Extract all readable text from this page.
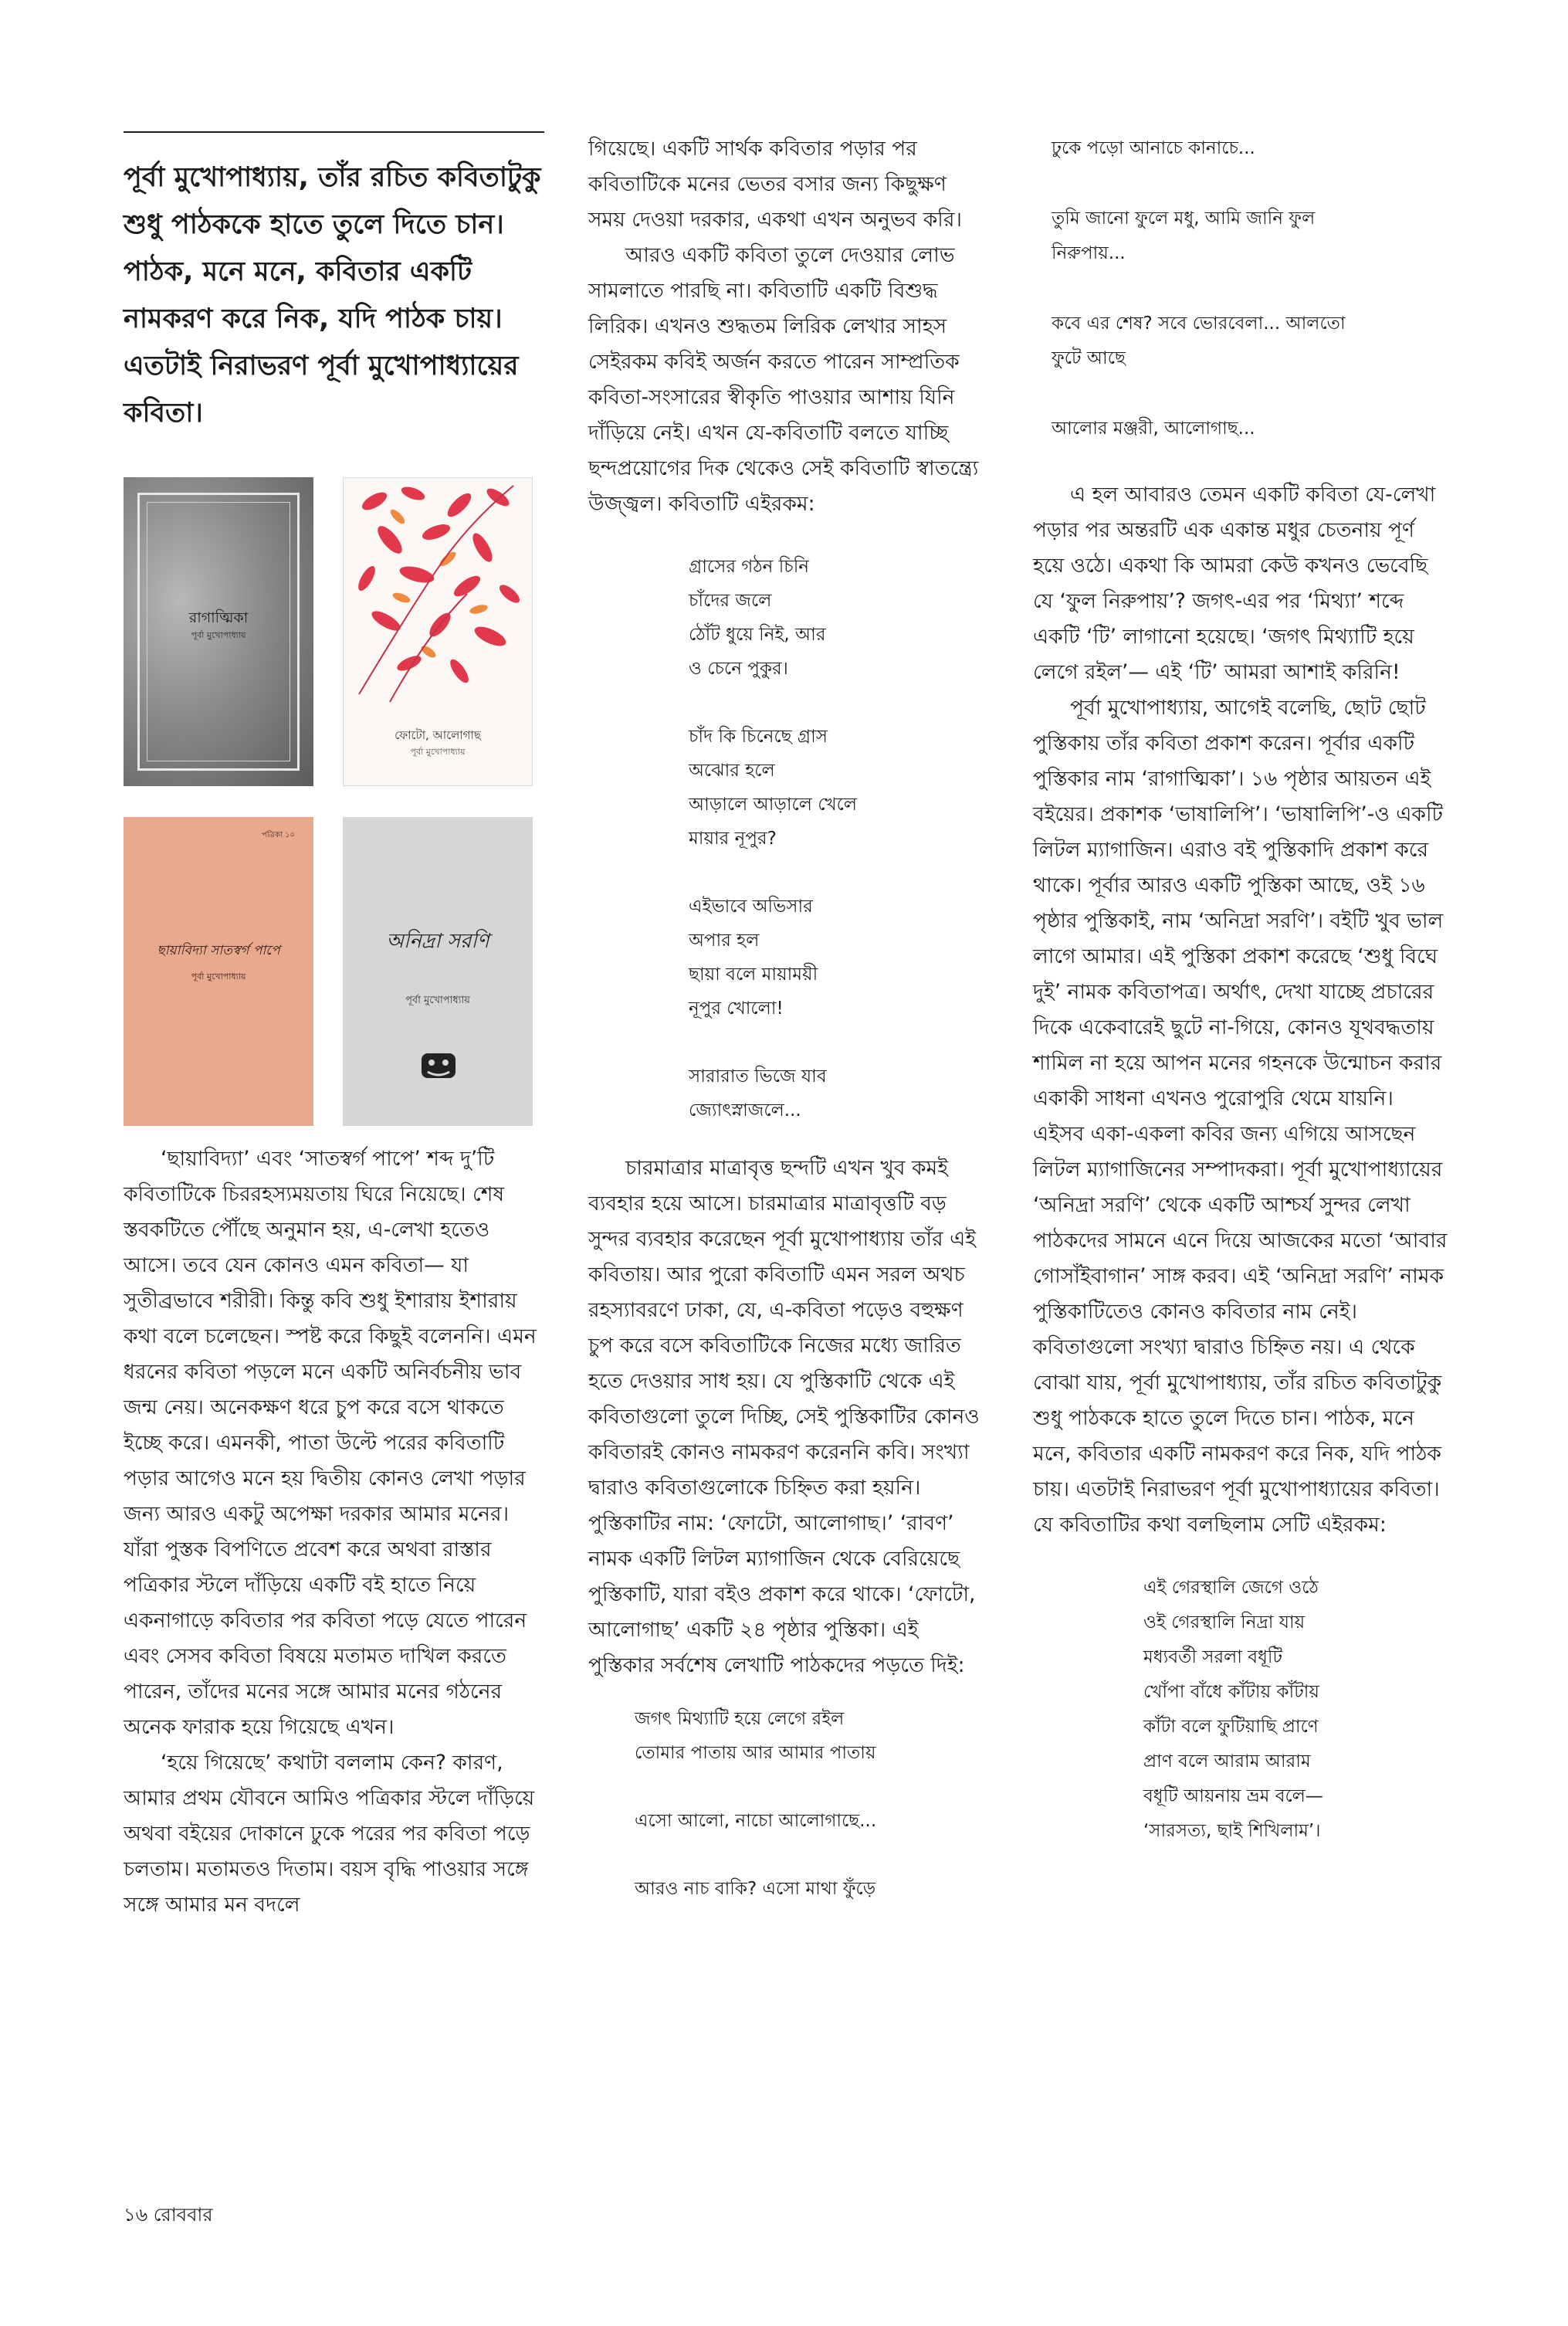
পূর্বা মুখোপাধ্যায়, তাঁর রচিত কবিতাটুকু শুধু পাঠককে হাতে তুলে দিতে চান। পাঠক, মনে মনে, কবিতার একটি নামকরণ করে নিক, যদি পাঠক চায়। এতটাই নিরাভরণ পূর্বা মুখোপাধ্যায়ের কবিতা।

রাগাত্মিকা
পূর্বা মুখোপাধ্যায়
ফোটো, আলোগাছ
পূর্বা মুখোপাধ্যায়
পত্রিকা ১০
ছায়াবিদ্যা সাতস্বর্গ পাপে
পূর্বা মুখোপাধ্যায়
অনিদ্রা সরণি
পূর্বা মুখোপাধ্যায়

‘ছায়াবিদ্যা’ এবং ‘সাতস্বর্গ পাপে’ শব্দ দু’টি কবিতাটিকে চিররহস্যময়তায় ঘিরে নিয়েছে। শেষ স্তবকটিতে পৌঁছে অনুমান হয়, এ-লেখা হতেও আসে। তবে যেন কোনও এমন কবিতা— যা সুতীব্রভাবে শরীরী। কিন্তু কবি শুধু ইশারায় ইশারায় কথা বলে চলেছেন। স্পষ্ট করে কিছুই বলেননি। এমন ধরনের কবিতা পড়লে মনে একটি অনির্বচনীয় ভাব জন্ম নেয়। অনেকক্ষণ ধরে চুপ করে বসে থাকতে ইচ্ছে করে। এমনকী, পাতা উল্টে পরের কবিতাটি পড়ার আগেও মনে হয় দ্বিতীয় কোনও লেখা পড়ার জন্য আরও একটু অপেক্ষা দরকার আমার মনের। যাঁরা পুস্তক বিপণিতে প্রবেশ করে অথবা রাস্তার পত্রিকার স্টলে দাঁড়িয়ে একটি বই হাতে নিয়ে একনাগাড়ে কবিতার পর কবিতা পড়ে যেতে পারেন এবং সেসব কবিতা বিষয়ে মতামত দাখিল করতে পারেন, তাঁদের মনের সঙ্গে আমার মনের গঠনের অনেক ফারাক হয়ে গিয়েছে এখন।

‘হয়ে গিয়েছে’ কথাটা বললাম কেন? কারণ, আমার প্রথম যৌবনে আমিও পত্রিকার স্টলে দাঁড়িয়ে অথবা বইয়ের দোকানে ঢুকে পরের পর কবিতা পড়ে চলতাম। মতামতও দিতাম। বয়স বৃদ্ধি পাওয়ার সঙ্গে সঙ্গে আমার মন বদলে

গিয়েছে। একটি সার্থক কবিতার পড়ার পর কবিতাটিকে মনের ভেতর বসার জন্য কিছুক্ষণ সময় দেওয়া দরকার, একথা এখন অনুভব করি।

আরও একটি কবিতা তুলে দেওয়ার লোভ সামলাতে পারছি না। কবিতাটি একটি বিশুদ্ধ লিরিক। এখনও শুদ্ধতম লিরিক লেখার সাহস সেইরকম কবিই অর্জন করতে পারেন সাম্প্রতিক কবিতা-সংসারের স্বীকৃতি পাওয়ার আশায় যিনি দাঁড়িয়ে নেই। এখন যে-কবিতাটি বলতে যাচ্ছি ছন্দপ্রয়োগের দিক থেকেও সেই কবিতাটি স্বাতন্ত্র্যে উজ্জ্বল। কবিতাটি এইরকম:

গ্রাসের গঠন চিনি
চাঁদের জলে
ঠোঁট ধুয়ে নিই, আর
ও চেনে পুকুর।
চাঁদ কি চিনেছে গ্রাস
অঝোর হলে
আড়ালে আড়ালে খেলে
মায়ার নূপুর?
এইভাবে অভিসার
অপার হল
ছায়া বলে মায়াময়ী
নূপুর খোলো!
সারারাত ভিজে যাব
জ্যোৎস্নাজলে...

চারমাত্রার মাত্রাবৃত্ত ছন্দটি এখন খুব কমই ব্যবহার হয়ে আসে। চারমাত্রার মাত্রাবৃত্তটি বড় সুন্দর ব্যবহার করেছেন পূর্বা মুখোপাধ্যায় তাঁর এই কবিতায়। আর পুরো কবিতাটি এমন সরল অথচ রহস্যাবরণে ঢাকা, যে, এ-কবিতা পড়েও বহুক্ষণ চুপ করে বসে কবিতাটিকে নিজের মধ্যে জারিত হতে দেওয়ার সাধ হয়। যে পুস্তিকাটি থেকে এই কবিতাগুলো তুলে দিচ্ছি, সেই পুস্তিকাটির কোনও কবিতারই কোনও নামকরণ করেননি কবি। সংখ্যা দ্বারাও কবিতাগুলোকে চিহ্নিত করা হয়নি। পুস্তিকাটির নাম: ‘ফোটো, আলোগাছ।’ ‘রাবণ’ নামক একটি লিটল ম্যাগাজিন থেকে বেরিয়েছে পুস্তিকাটি, যারা বইও প্রকাশ করে থাকে। ‘ফোটো, আলোগাছ’ একটি ২৪ পৃষ্ঠার পুস্তিকা। এই পুস্তিকার সর্বশেষ লেখাটি পাঠকদের পড়তে দিই:

জগৎ মিথ্যাটি হয়ে লেগে রইল
তোমার পাতায় আর আমার পাতায়
এসো আলো, নাচো আলোগাছে...
আরও নাচ বাকি? এসো মাথা ফুঁড়ে
ঢুকে পড়ো আনাচে কানাচে...
তুমি জানো ফুলে মধু, আমি জানি ফুল
নিরুপায়...
কবে এর শেষ? সবে ভোরবেলা... আলতো
ফুটে আছে
আলোর মঞ্জরী, আলোগাছ...

এ হল আবারও তেমন একটি কবিতা যে-লেখা পড়ার পর অন্তরটি এক একান্ত মধুর চেতনায় পূর্ণ হয়ে ওঠে। একথা কি আমরা কেউ কখনও ভেবেছি যে ‘ফুল নিরুপায়’? জগৎ-এর পর ‘মিথ্যা’ শব্দে একটি ‘টি’ লাগানো হয়েছে। ‘জগৎ মিথ্যাটি হয়ে লেগে রইল’— এই ‘টি’ আমরা আশাই করিনি!

পূর্বা মুখোপাধ্যায়, আগেই বলেছি, ছোট ছোট পুস্তিকায় তাঁর কবিতা প্রকাশ করেন। পূর্বার একটি পুস্তিকার নাম ‘রাগাত্মিকা’। ১৬ পৃষ্ঠার আয়তন এই বইয়ের। প্রকাশক ‘ভাষালিপি’। ‘ভাষালিপি’-ও একটি লিটল ম্যাগাজিন। এরাও বই পুস্তিকাদি প্রকাশ করে থাকে। পূর্বার আরও একটি পুস্তিকা আছে, ওই ১৬ পৃষ্ঠার পুস্তিকাই, নাম ‘অনিদ্রা সরণি’। বইটি খুব ভাল লাগে আমার। এই পুস্তিকা প্রকাশ করেছে ‘শুধু বিঘে দুই’ নামক কবিতাপত্র। অর্থাৎ, দেখা যাচ্ছে প্রচারের দিকে একেবারেই ছুটে না-গিয়ে, কোনও যূথবদ্ধতায় শামিল না হয়ে আপন মনের গহনকে উন্মোচন করার একাকী সাধনা এখনও পুরোপুরি থেমে যায়নি। এইসব একা-একলা কবির জন্য এগিয়ে আসছেন লিটল ম্যাগাজিনের সম্পাদকরা। পূর্বা মুখোপাধ্যায়ের ‘অনিদ্রা সরণি’ থেকে একটি আশ্চর্য সুন্দর লেখা পাঠকদের সামনে এনে দিয়ে আজকের মতো ‘আবার গোসাঁইবাগান’ সাঙ্গ করব। এই ‘অনিদ্রা সরণি’ নামক পুস্তিকাটিতেও কোনও কবিতার নাম নেই। কবিতাগুলো সংখ্যা দ্বারাও চিহ্নিত নয়। এ থেকে বোঝা যায়, পূর্বা মুখোপাধ্যায়, তাঁর রচিত কবিতাটুকু শুধু পাঠককে হাতে তুলে দিতে চান। পাঠক, মনে মনে, কবিতার একটি নামকরণ করে নিক, যদি পাঠক চায়। এতটাই নিরাভরণ পূর্বা মুখোপাধ্যায়ের কবিতা। যে কবিতাটির কথা বলছিলাম সেটি এইরকম:

এই গেরস্থালি জেগে ওঠে
ওই গেরস্থালি নিদ্রা যায়
মধ্যবর্তী সরলা বধূটি
খোঁপা বাঁধে কাঁটায় কাঁটায়
কাঁটা বলে ফুটিয়াছি প্রাণে
প্রাণ বলে আরাম আরাম
বধূটি আয়নায় ভ্রম বলে—
‘সারসত্য, ছাই শিখিলাম’।
১৬ রোববার
